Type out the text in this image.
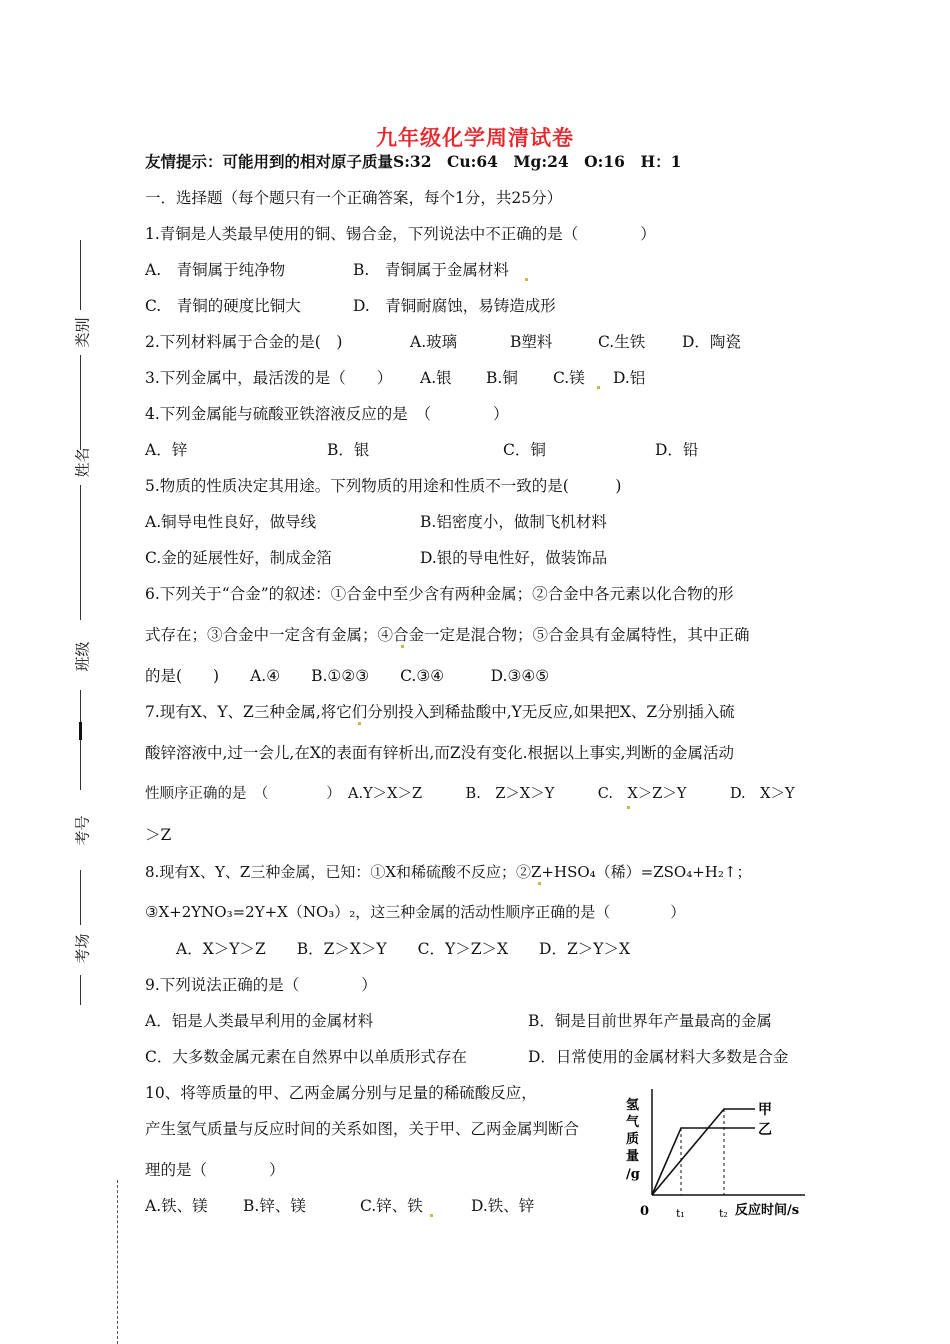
九年级化学周清试卷
友情提示：可能用到的相对原子质量S:32　Cu:64　Mg:24　O:16　H：1
一．选择题（每个题只有一个正确答案，每个1分，共25分）
类别
姓名
班级
考号
考场
1.青铜是人类最早使用的铜、锡合金，下列说法中不正确的是（　　　　）
A.　青铜属于纯净物	B.　青铜属于金属材料
C.　青铜的硬度比铜大	D.　青铜耐腐蚀，易铸造成形
2.下列材料属于合金的是(　)	A.玻璃	B塑料	C.生铁 D．陶瓷
3.下列金属中，最活泼的是（　　） A.银 B.铜 C.镁 D.铝
4.下列金属能与硫酸亚铁溶液反应的是　（　　　　）
A．锌	B．银	C．铜	D．铅
5.物质的性质决定其用途。下列物质的用途和性质不一致的是(　　　)
A.铜导电性良好，做导线	B.铝密度小，做制飞机材料
C.金的延展性好，制成金箔	D.银的导电性好，做装饰品
6.下列关于“合金”的叙述：①合金中至少含有两种金属；②合金中各元素以化合物的形
式存在；③合金中一定含有金属；④合金一定是混合物；⑤合金具有金属特性，其中正确
的是(　　)　　A.④　　B.①②③　　C.③④　　　D.③④⑤
7.现有X、Y、Z三种金属,将它们分别投入到稀盐酸中,Y无反应,如果把X、Z分别插入硫
酸锌溶液中,过一会儿,在X的表面有锌析出,而Z没有变化.根据以上事实,判断的金属活动
性顺序正确的是　（　　　　）　A.Y＞X＞Z　　　B.　Z＞X＞Y　　　C.　X＞Z＞Y　　　D.　X＞Y
＞Z
8.现有X、Y、Z三种金属，已知：①X和稀硫酸不反应；②Z+HSO₄（稀）=ZSO₄+H₂↑；
③X+2YNO₃=2Y+X（NO₃）₂，这三种金属的活动性顺序正确的是（　　　　）
A．X＞Y＞Z　　B．Z＞X＞Y　　C．Y＞Z＞X　　D．Z＞Y＞X
9.下列说法正确的是（　　　　）
A．铝是人类最早利用的金属材料	B．铜是目前世界年产量最高的金属
C．大多数金属元素在自然界中以单质形式存在	D．日常使用的金属材料大多数是合金
10、将等质量的甲、乙两金属分别与足量的稀硫酸反应，
产生氢气质量与反应时间的关系如图，关于甲、乙两金属判断合
理的是（　　　　）
A.铁、镁 B.锌、镁	C.锌、铁	D.铁、锌
氢
气
质
量
/g
甲
乙
0 t₁	t₂ 反应时间/s
